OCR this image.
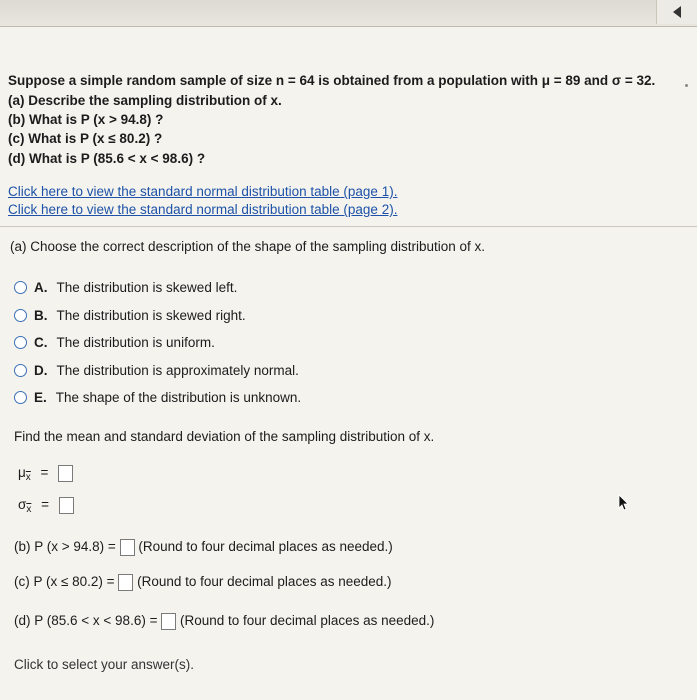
Suppose a simple random sample of size n = 64 is obtained from a population with μ = 89 and σ = 32.
(a) Describe the sampling distribution of x.
(b) What is P (x > 94.8) ?
(c) What is P (x ≤ 80.2) ?
(d) What is P (85.6 < x < 98.6) ?
Click here to view the standard normal distribution table (page 1).
Click here to view the standard normal distribution table (page 2).
(a) Choose the correct description of the shape of the sampling distribution of x.
A. The distribution is skewed left.
B. The distribution is skewed right.
C. The distribution is uniform.
D. The distribution is approximately normal.
E. The shape of the distribution is unknown.
Find the mean and standard deviation of the sampling distribution of x.
$\mu_{\overline{x}}$ =
$\sigma_{\overline{x}}$ =
(b) P (x > 94.8) = (Round to four decimal places as needed.)
(c) P (x ≤ 80.2) = (Round to four decimal places as needed.)
(d) P (85.6 < x < 98.6) = (Round to four decimal places as needed.)
Click to select your answer(s).
